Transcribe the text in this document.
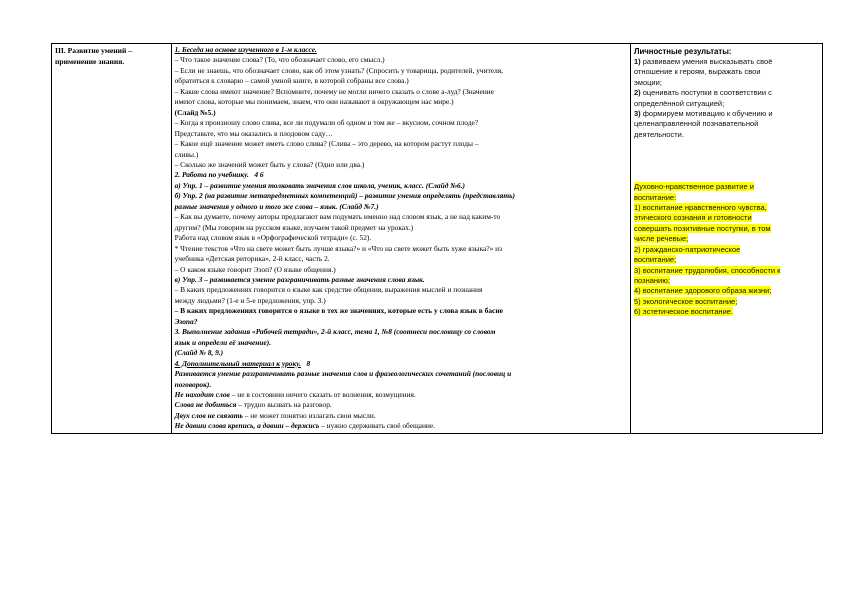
III. Развитие умений –
применение знания.

1. Беседа на основе изученного в 1-м классе.
– Что такое значение слова? (То, что обозначает слово, его смысл.)
– Если не знаешь, что обозначает слово, как об этом узнать? (Спросить у товарища, родителей, учителя,
обратиться к словарю – самой умной книге, в которой собраны все слова.)
– Какие слова имеют значение? Вспомните, почему не могли ничего сказать о слове а-луд? (Значение
имеют слова, которые мы понимаем, знаем, что они называют в окружающем нас мире.)
(Слайд №5.)
– Когда я произношу слово слива, все ли подумали об одном и том же – вкусном, сочном плоде?
Представьте, что мы оказались в плодовом саду…
– Какое ещё значение может иметь слово слива? (Слива – это дерево, на котором растут плоды –
сливы.)
– Сколько же значений может быть у слова? (Одно или два.)
2. Работа по учебнику. 4 6
а) Упр. 1 – развитие умения толковать значения слов школа, ученик, класс. (Слайд №6.)
б) Упр. 2 (на развитие метапредметных компетенций) – развитие умения определять (представлять)
разные значения у одного и того же слова – язык. (Слайд №7.)
– Как вы думаете, почему авторы предлагают вам подумать именно над словом язык, а не над каким-то
другим? (Мы говорим на русском языке, изучаем такой предмет на уроках.)
Работа над словом язык в «Орфографической тетради» (с. 52).
* Чтение текстов «Что на свете может быть лучше языка?» и «Что на свете может быть хуже языка?» из
учебника «Детская риторика», 2-й класс, часть 2.
– О каком языке говорит Эзоп? (О языке общения.)
в) Упр. 3 – развивается умение разграничивать разные значения слова язык.
– В каких предложениях говорится о языке как средстве общения, выражения мыслей и познания
между людьми? (1-е и 5-е предложения, упр. 3.)
– В каких предложениях говорится о языке в тех же значениях, которые есть у слова язык в басне
Эзопа?
3. Выполнение задания «Рабочей тетради», 2-й класс, тема 1, №8 (соотнеси пословицу со словом
язык и определи её значение).
(Слайд № 8, 9.)
4. Дополнительный материал к уроку. 8
Развивается умение разграничивать разные значения слов и фразеологических сочетаний (пословиц и
поговорок).
Не находит слов – не в состоянии ничего сказать от волнения, возмущения.
Слова не добиться – трудно вызвать на разговор.
Двух слов не связать – не может понятно излагать свои мысли.
Не давши слова крепись, а давши – держись – нужно сдерживать своё обещание.

Личностные результаты:
1) развиваем умения высказывать своё
отношение к героям, выражать свои
эмоции;
2) оценивать поступки в соответствии с
определённой ситуацией;
3) формируем мотивацию к обучению и
целенаправленной познавательной
деятельности.
Духовно-нравственное развитие и
воспитание:
1) воспитание нравственного чувства,
этического сознания и готовности
совершать позитивные поступки, в том
числе речевые;
2) гражданско-патриотическое
воспитание;
3) воспитание трудолюбия, способности к
познанию;
4) воспитание здорового образа жизни;
5) экологическое воспитание;
6) эстетическое воспитание.
